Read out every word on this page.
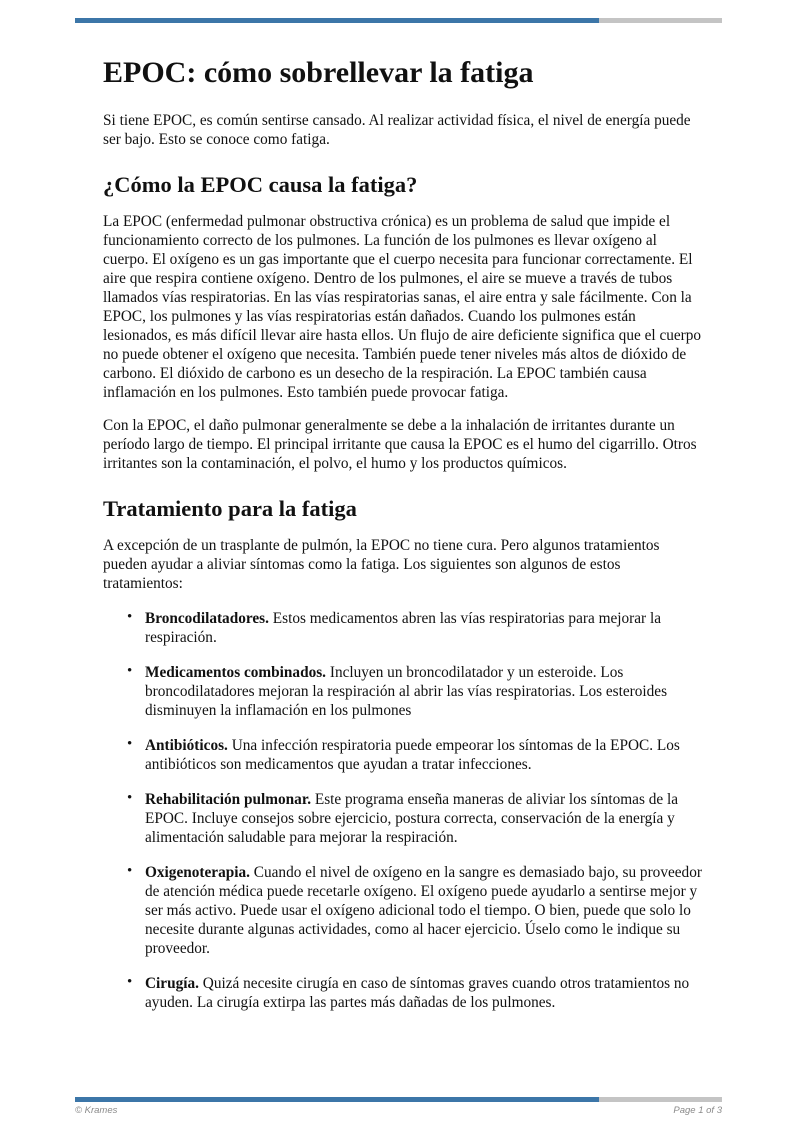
EPOC: cómo sobrellevar la fatiga

Si tiene EPOC, es común sentirse cansado. Al realizar actividad física, el nivel de energía puede ser bajo. Esto se conoce como fatiga.

¿Cómo la EPOC causa la fatiga?

La EPOC (enfermedad pulmonar obstructiva crónica) es un problema de salud que impide el funcionamiento correcto de los pulmones. La función de los pulmones es llevar oxígeno al cuerpo. El oxígeno es un gas importante que el cuerpo necesita para funcionar correctamente. El aire que respira contiene oxígeno. Dentro de los pulmones, el aire se mueve a través de tubos llamados vías respiratorias. En las vías respiratorias sanas, el aire entra y sale fácilmente. Con la EPOC, los pulmones y las vías respiratorias están dañados. Cuando los pulmones están lesionados, es más difícil llevar aire hasta ellos. Un flujo de aire deficiente significa que el cuerpo no puede obtener el oxígeno que necesita. También puede tener niveles más altos de dióxido de carbono. El dióxido de carbono es un desecho de la respiración. La EPOC también causa inflamación en los pulmones. Esto también puede provocar fatiga.

Con la EPOC, el daño pulmonar generalmente se debe a la inhalación de irritantes durante un período largo de tiempo. El principal irritante que causa la EPOC es el humo del cigarrillo. Otros irritantes son la contaminación, el polvo, el humo y los productos químicos.

Tratamiento para la fatiga

A excepción de un trasplante de pulmón, la EPOC no tiene cura. Pero algunos tratamientos pueden ayudar a aliviar síntomas como la fatiga. Los siguientes son algunos de estos tratamientos:

• Broncodilatadores. Estos medicamentos abren las vías respiratorias para mejorar la respiración.
• Medicamentos combinados. Incluyen un broncodilatador y un esteroide. Los broncodilatadores mejoran la respiración al abrir las vías respiratorias. Los esteroides disminuyen la inflamación en los pulmones
• Antibióticos. Una infección respiratoria puede empeorar los síntomas de la EPOC. Los antibióticos son medicamentos que ayudan a tratar infecciones.
• Rehabilitación pulmonar. Este programa enseña maneras de aliviar los síntomas de la EPOC. Incluye consejos sobre ejercicio, postura correcta, conservación de la energía y alimentación saludable para mejorar la respiración.
• Oxigenoterapia. Cuando el nivel de oxígeno en la sangre es demasiado bajo, su proveedor de atención médica puede recetarle oxígeno. El oxígeno puede ayudarlo a sentirse mejor y ser más activo. Puede usar el oxígeno adicional todo el tiempo. O bien, puede que solo lo necesite durante algunas actividades, como al hacer ejercicio. Úselo como le indique su proveedor.
• Cirugía. Quizá necesite cirugía en caso de síntomas graves cuando otros tratamientos no ayuden. La cirugía extirpa las partes más dañadas de los pulmones.
© Krames	Page 1 of 3
